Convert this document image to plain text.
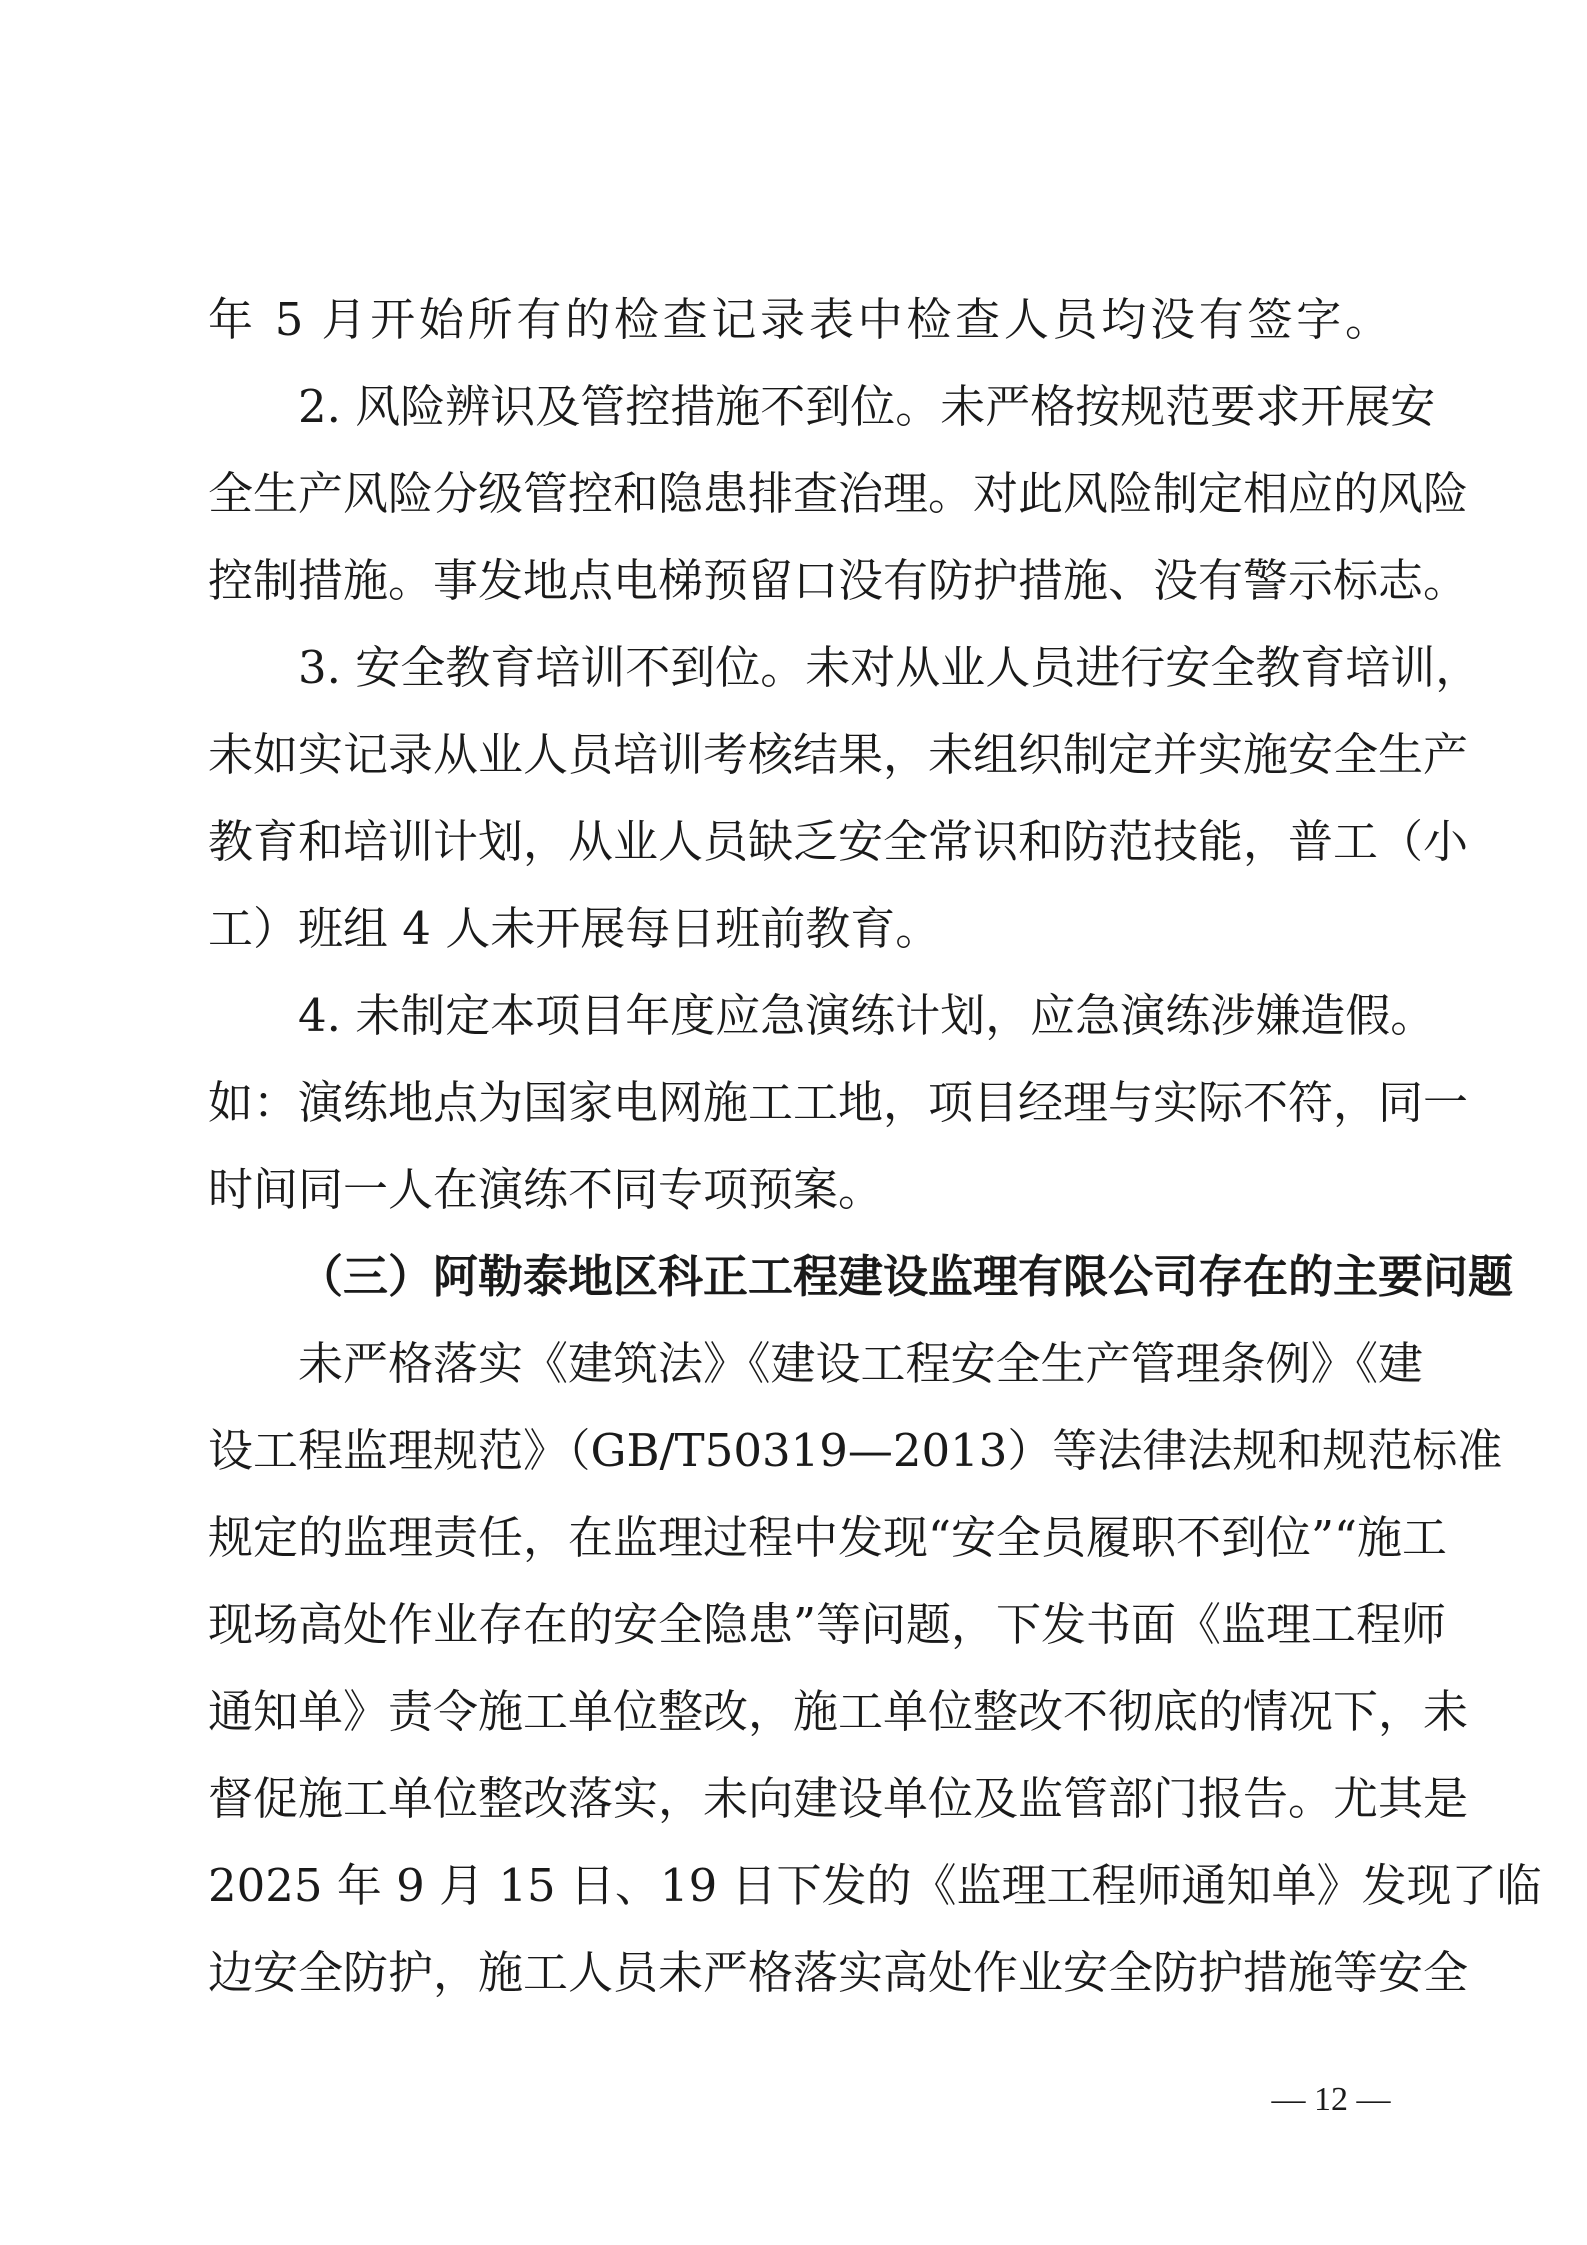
年 5 月开始所有的检查记录表中检查人员均没有签字。
2. 风险辨识及管控措施不到位。未严格按规范要求开展安
全生产风险分级管控和隐患排查治理。对此风险制定相应的风险
控制措施。事发地点电梯预留口没有防护措施、没有警示标志。
3. 安全教育培训不到位。未对从业人员进行安全教育培训，
未如实记录从业人员培训考核结果，未组织制定并实施安全生产
教育和培训计划，从业人员缺乏安全常识和防范技能，普工（小
工）班组 4 人未开展每日班前教育。
4. 未制定本项目年度应急演练计划，应急演练涉嫌造假。
如：演练地点为国家电网施工工地，项目经理与实际不符，同一
时间同一人在演练不同专项预案。
（三）阿勒泰地区科正工程建设监理有限公司存在的主要问题
未严格落实《建筑法》《建设工程安全生产管理条例》《建
设工程监理规范》（GB/T50319—2013）等法律法规和规范标准
规定的监理责任，在监理过程中发现“安全员履职不到位”“施工
现场高处作业存在的安全隐患”等问题，下发书面《监理工程师
通知单》责令施工单位整改，施工单位整改不彻底的情况下，未
督促施工单位整改落实，未向建设单位及监管部门报告。尤其是
2025 年 9 月 15 日、19 日下发的《监理工程师通知单》发现了临
— 12 —
边安全防护，施工人员未严格落实高处作业安全防护措施等安全
